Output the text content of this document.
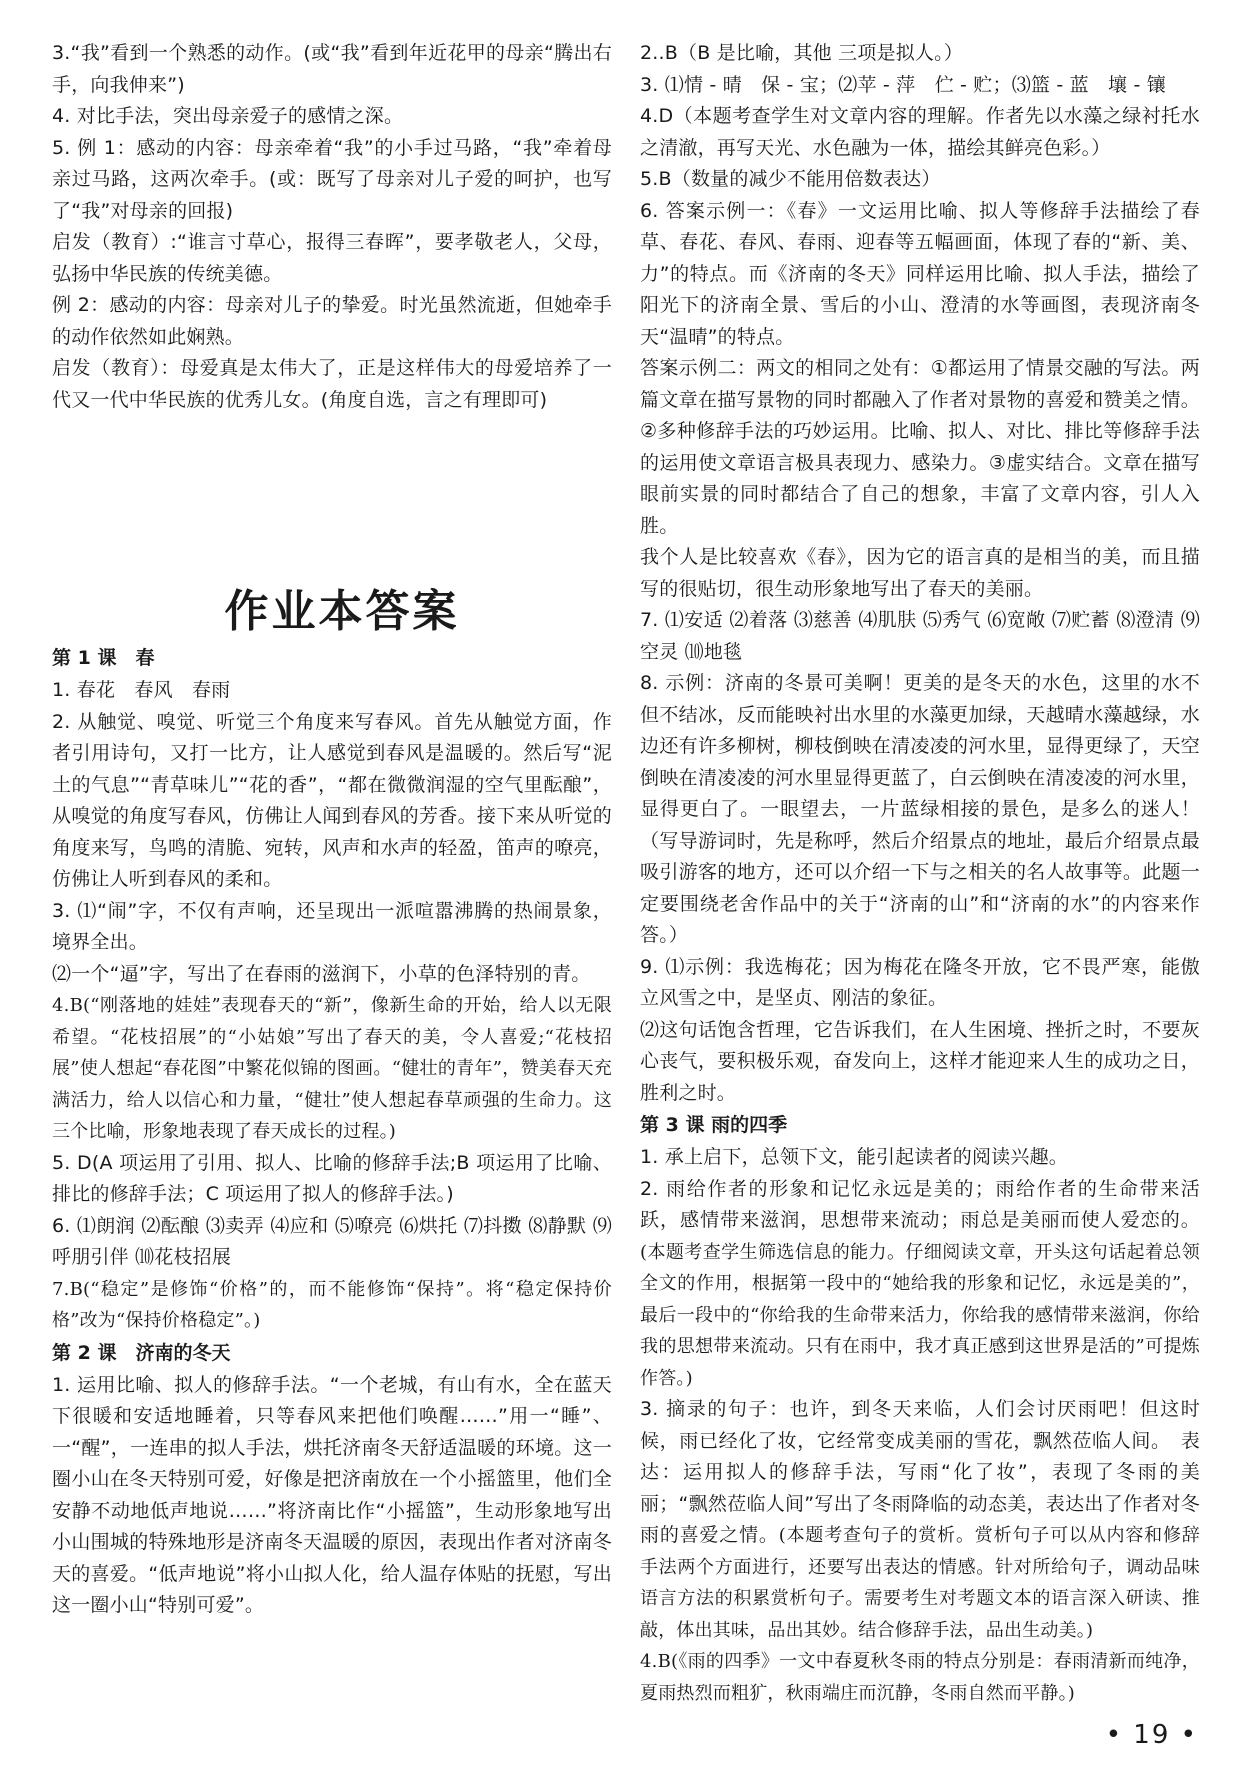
3.“我”看到一个熟悉的动作。(或“我”看到年近花甲的母亲“腾出右手，向我伸来”)

4. 对比手法，突出母亲爱子的感情之深。

5. 例 1：感动的内容：母亲牵着“我”的小手过马路，“我”牵着母亲过马路，这两次牵手。(或：既写了母亲对儿子爱的呵护，也写了“我”对母亲的回报)

启发（教育）:“谁言寸草心，报得三春晖”，要孝敬老人，父母，弘扬中华民族的传统美德。

例 2：感动的内容：母亲对儿子的挚爱。时光虽然流逝，但她牵手的动作依然如此娴熟。

启发（教育）：母爱真是太伟大了，正是这样伟大的母爱培养了一代又一代中华民族的优秀儿女。(角度自选，言之有理即可)

作业本答案
第 1 课　春

1. 春花　春风　春雨

2. 从触觉、嗅觉、听觉三个角度来写春风。首先从触觉方面，作者引用诗句，又打一比方，让人感觉到春风是温暖的。然后写“泥土的气息”“青草味儿”“花的香”，“都在微微润湿的空气里酝酿”，从嗅觉的角度写春风，仿佛让人闻到春风的芳香。接下来从听觉的角度来写，鸟鸣的清脆、宛转，风声和水声的轻盈，笛声的嘹亮，仿佛让人听到春风的柔和。

3. ⑴“闹”字，不仅有声响，还呈现出一派喧嚣沸腾的热闹景象，境界全出。

⑵一个“逼”字，写出了在春雨的滋润下，小草的色泽特别的青。

4.B(“刚落地的娃娃”表现春天的“新”，像新生命的开始，给人以无限希望。“花枝招展”的“小姑娘”写出了春天的美，令人喜爱;“花枝招展”使人想起“春花图”中繁花似锦的图画。“健壮的青年”，赞美春天充满活力，给人以信心和力量，“健壮”使人想起春草顽强的生命力。这三个比喻，形象地表现了春天成长的过程。)

5. D(A 项运用了引用、拟人、比喻的修辞手法;B 项运用了比喻、排比的修辞手法；C 项运用了拟人的修辞手法。)

6. ⑴朗润 ⑵酝酿 ⑶卖弄 ⑷应和 ⑸嘹亮 ⑹烘托 ⑺抖擞 ⑻静默 ⑼呼朋引伴 ⑽花枝招展

7.B(“稳定”是修饰“价格”的，而不能修饰“保持”。将“稳定保持价格”改为“保持价格稳定”。)

第 2 课　济南的冬天

1. 运用比喻、拟人的修辞手法。“一个老城，有山有水，全在蓝天下很暖和安适地睡着，只等春风来把他们唤醒……”用一“睡”、一“醒”，一连串的拟人手法，烘托济南冬天舒适温暖的环境。这一圈小山在冬天特别可爱，好像是把济南放在一个小摇篮里，他们全安静不动地低声地说……”将济南比作“小摇篮”，生动形象地写出小山围城的特殊地形是济南冬天温暖的原因，表现出作者对济南冬天的喜爱。“低声地说”将小山拟人化，给人温存体贴的抚慰，写出这一圈小山“特别可爱”。

2..B（B 是比喻，其他 三项是拟人。）

3. ⑴情 - 晴　保 - 宝；⑵苹 - 萍　伫 - 贮；⑶篮 - 蓝　壤 - 镶

4.D（本题考查学生对文章内容的理解。作者先以水藻之绿衬托水之清澈，再写天光、水色融为一体，描绘其鲜亮色彩。）

5.B（数量的减少不能用倍数表达）

6. 答案示例一：《春》一文运用比喻、拟人等修辞手法描绘了春草、春花、春风、春雨、迎春等五幅画面，体现了春的“新、美、力”的特点。而《济南的冬天》同样运用比喻、拟人手法，描绘了阳光下的济南全景、雪后的小山、澄清的水等画图，表现济南冬天“温晴”的特点。

答案示例二：两文的相同之处有：①都运用了情景交融的写法。两篇文章在描写景物的同时都融入了作者对景物的喜爱和赞美之情。②多种修辞手法的巧妙运用。比喻、拟人、对比、排比等修辞手法的运用使文章语言极具表现力、感染力。③虚实结合。文章在描写眼前实景的同时都结合了自己的想象，丰富了文章内容，引人入胜。

我个人是比较喜欢《春》，因为它的语言真的是相当的美，而且描写的很贴切，很生动形象地写出了春天的美丽。

7. ⑴安适 ⑵着落 ⑶慈善 ⑷肌肤 ⑸秀气 ⑹宽敞 ⑺贮蓄 ⑻澄清 ⑼空灵 ⑽地毯

8. 示例：济南的冬景可美啊！更美的是冬天的水色，这里的水不但不结冰，反而能映衬出水里的水藻更加绿，天越晴水藻越绿，水边还有许多柳树，柳枝倒映在清凌凌的河水里，显得更绿了，天空倒映在清凌凌的河水里显得更蓝了，白云倒映在清凌凌的河水里，显得更白了。一眼望去，一片蓝绿相接的景色，是多么的迷人！（写导游词时，先是称呼，然后介绍景点的地址，最后介绍景点最吸引游客的地方，还可以介绍一下与之相关的名人故事等。此题一定要围绕老舍作品中的关于“济南的山”和“济南的水”的内容来作答。）

9. ⑴示例：我选梅花；因为梅花在隆冬开放，它不畏严寒，能傲立风雪之中，是坚贞、刚洁的象征。

⑵这句话饱含哲理，它告诉我们，在人生困境、挫折之时，不要灰心丧气，要积极乐观，奋发向上，这样才能迎来人生的成功之日，胜利之时。

第 3 课 雨的四季

1. 承上启下，总领下文，能引起读者的阅读兴趣。

2. 雨给作者的形象和记忆永远是美的；雨给作者的生命带来活跃，感情带来滋润，思想带来流动；雨总是美丽而使人爱恋的。(本题考查学生筛选信息的能力。仔细阅读文章，开头这句话起着总领全文的作用，根据第一段中的“她给我的形象和记忆，永远是美的”，最后一段中的“你给我的生命带来活力，你给我的感情带来滋润，你给我的思想带来流动。只有在雨中，我才真正感到这世界是活的”可提炼作答。)

3. 摘录的句子：也许，到冬天来临，人们会讨厌雨吧！但这时候，雨已经化了妆，它经常变成美丽的雪花，飘然莅临人间。　表达：运用拟人的修辞手法，写雨“化了妆”，表现了冬雨的美丽；“飘然莅临人间”写出了冬雨降临的动态美，表达出了作者对冬雨的喜爱之情。(本题考查句子的赏析。赏析句子可以从内容和修辞手法两个方面进行，还要写出表达的情感。针对所给句子，调动品味语言方法的积累赏析句子。需要考生对考题文本的语言深入研读、推敲，体出其味，品出其妙。结合修辞手法，品出生动美。)

4.B(《雨的四季》一文中春夏秋冬雨的特点分别是：春雨清新而纯净，夏雨热烈而粗犷，秋雨端庄而沉静，冬雨自然而平静。)

• 19 •
